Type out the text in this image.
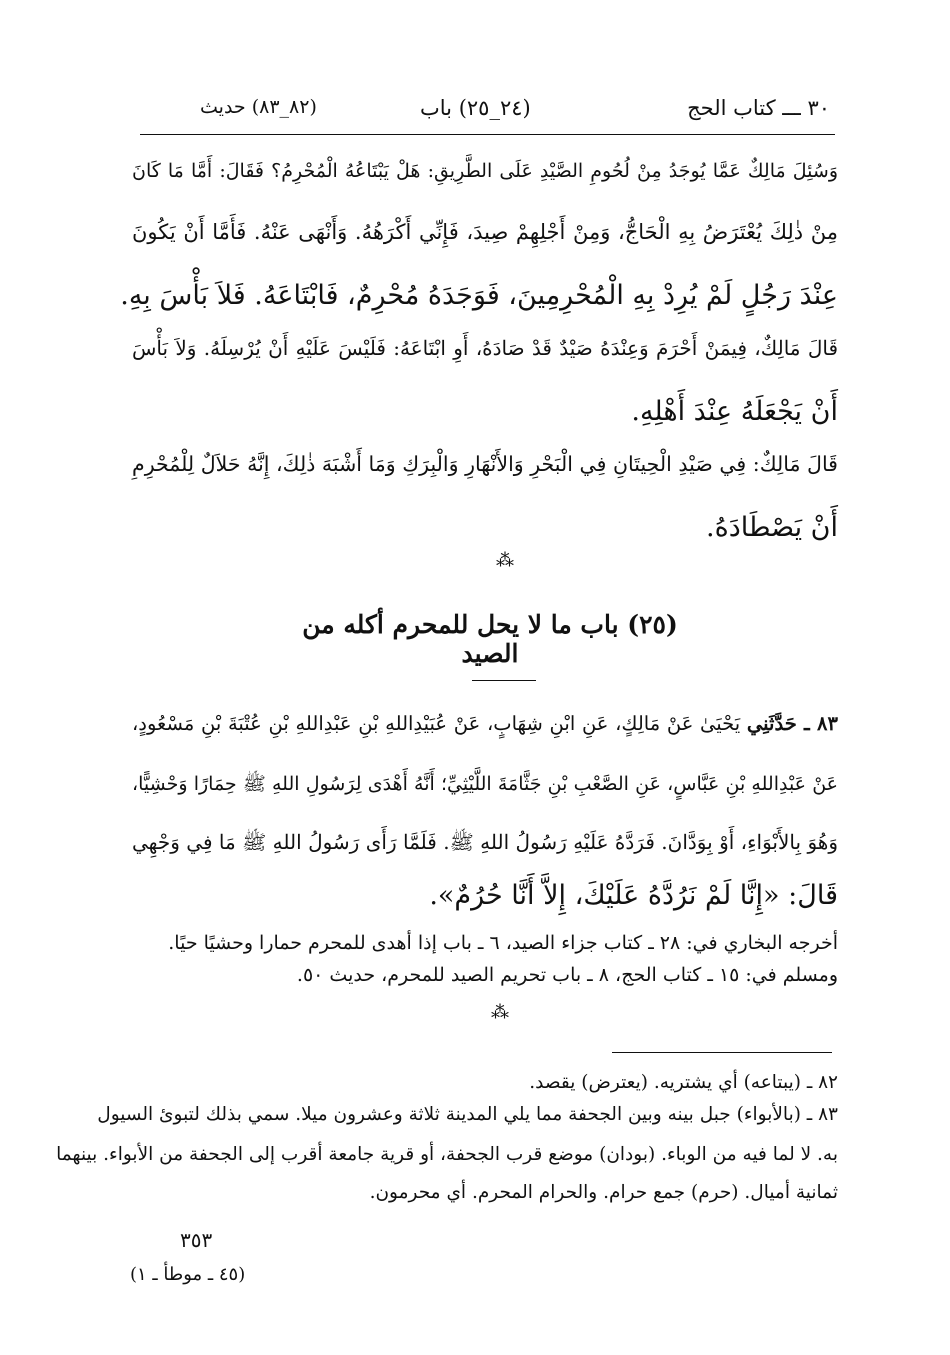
٣٠ ـــ كتاب الحج
(٢٤_٢٥) باب
(٨٢_٨٣) حديث
وَسُئِلَ مَالِكٌ عَمَّا يُوجَدُ مِنْ لُحُومِ الصَّيْدِ عَلَى الطَّرِيقِ: هَلْ يَبْتَاعُهُ الْمُحْرِمُ؟ فَقَالَ: أَمَّا مَا كَانَ
مِنْ ذٰلِكَ يُعْتَرَضُ بِهِ الْحَاجُّ، وَمِنْ أَجْلِهِمْ صِيدَ، فَإِنِّي أَكْرَهُهُ. وَأَنْهَى عَنْهُ. فَأَمَّا أَنْ يَكُونَ
عِنْدَ رَجُلٍ لَمْ يُرِدْ بِهِ الْمُحْرِمِينَ، فَوَجَدَهُ مُحْرِمٌ، فَابْتَاعَهُ. فَلاَ بَأْسَ بِهِ.
قَالَ مَالِكٌ، فِيمَنْ أَحْرَمَ وَعِنْدَهُ صَيْدٌ قَدْ صَادَهُ، أَوِ ابْتَاعَهُ: فَلَيْسَ عَلَيْهِ أَنْ يُرْسِلَهُ. وَلاَ بَأْسَ
أَنْ يَجْعَلَهُ عِنْدَ أَهْلِهِ.
قَالَ مَالِكٌ: فِي صَيْدِ الْحِيتَانِ فِي الْبَحْرِ وَالأَنْهَارِ وَالْبِرَكِ وَمَا أَشْبَهَ ذٰلِكَ، إِنَّهُ حَلاَلٌ لِلْمُحْرِمِ
أَنْ يَصْطَادَهُ.
⁂
(٢٥) باب ما لا يحل للمحرم أكله من الصيد
٨٣ ـ حَدَّثَنِي يَحْيَىٰ عَنْ مَالِكٍ، عَنِ ابْنِ شِهَابٍ، عَنْ عُبَيْدِاللهِ بْنِ عَبْدِاللهِ بْنِ عُتْبَةَ بْنِ مَسْعُودٍ،
عَنْ عَبْدِاللهِ بْنِ عَبَّاسٍ، عَنِ الصَّعْبِ بْنِ جَثَّامَةَ اللَّيْثِيِّ؛ أَنَّهُ أَهْدَى لِرَسُولِ اللهِ ﷺ حِمَارًا وَحْشِيًّا،
وَهُوَ بِالأَبْوَاءِ، أَوْ بِوَدَّانَ. فَرَدَّهُ عَلَيْهِ رَسُولُ اللهِ ﷺ. فَلَمَّا رَأَى رَسُولُ اللهِ ﷺ مَا فِي وَجْهِي
قَالَ: «إِنَّا لَمْ نَرُدَّهُ عَلَيْكَ، إِلاَّ أَنَّا حُرُمٌ».
أخرجه البخاري في: ٢٨ ـ كتاب جزاء الصيد، ٦ ـ باب إذا أهدى للمحرم حمارا وحشيًا حيًا.
ومسلم في: ١٥ ـ كتاب الحج، ٨ ـ باب تحريم الصيد للمحرم، حديث ٥٠.
⁂
٨٢ ـ (يبتاعه) أي يشتريه. (يعترض) يقصد.
٨٣ ـ (بالأبواء) جبل بينه وبين الجحفة مما يلي المدينة ثلاثة وعشرون ميلا. سمي بذلك لتبوئ السيول
به. لا لما فيه من الوباء. (بودان) موضع قرب الجحفة، أو قرية جامعة أقرب إلى الجحفة من الأبواء. بينهما
ثمانية أميال. (حرم) جمع حرام. والحرام المحرم. أي محرمون.
٣٥٣
(٤٥ ـ موطأ ـ ١)
